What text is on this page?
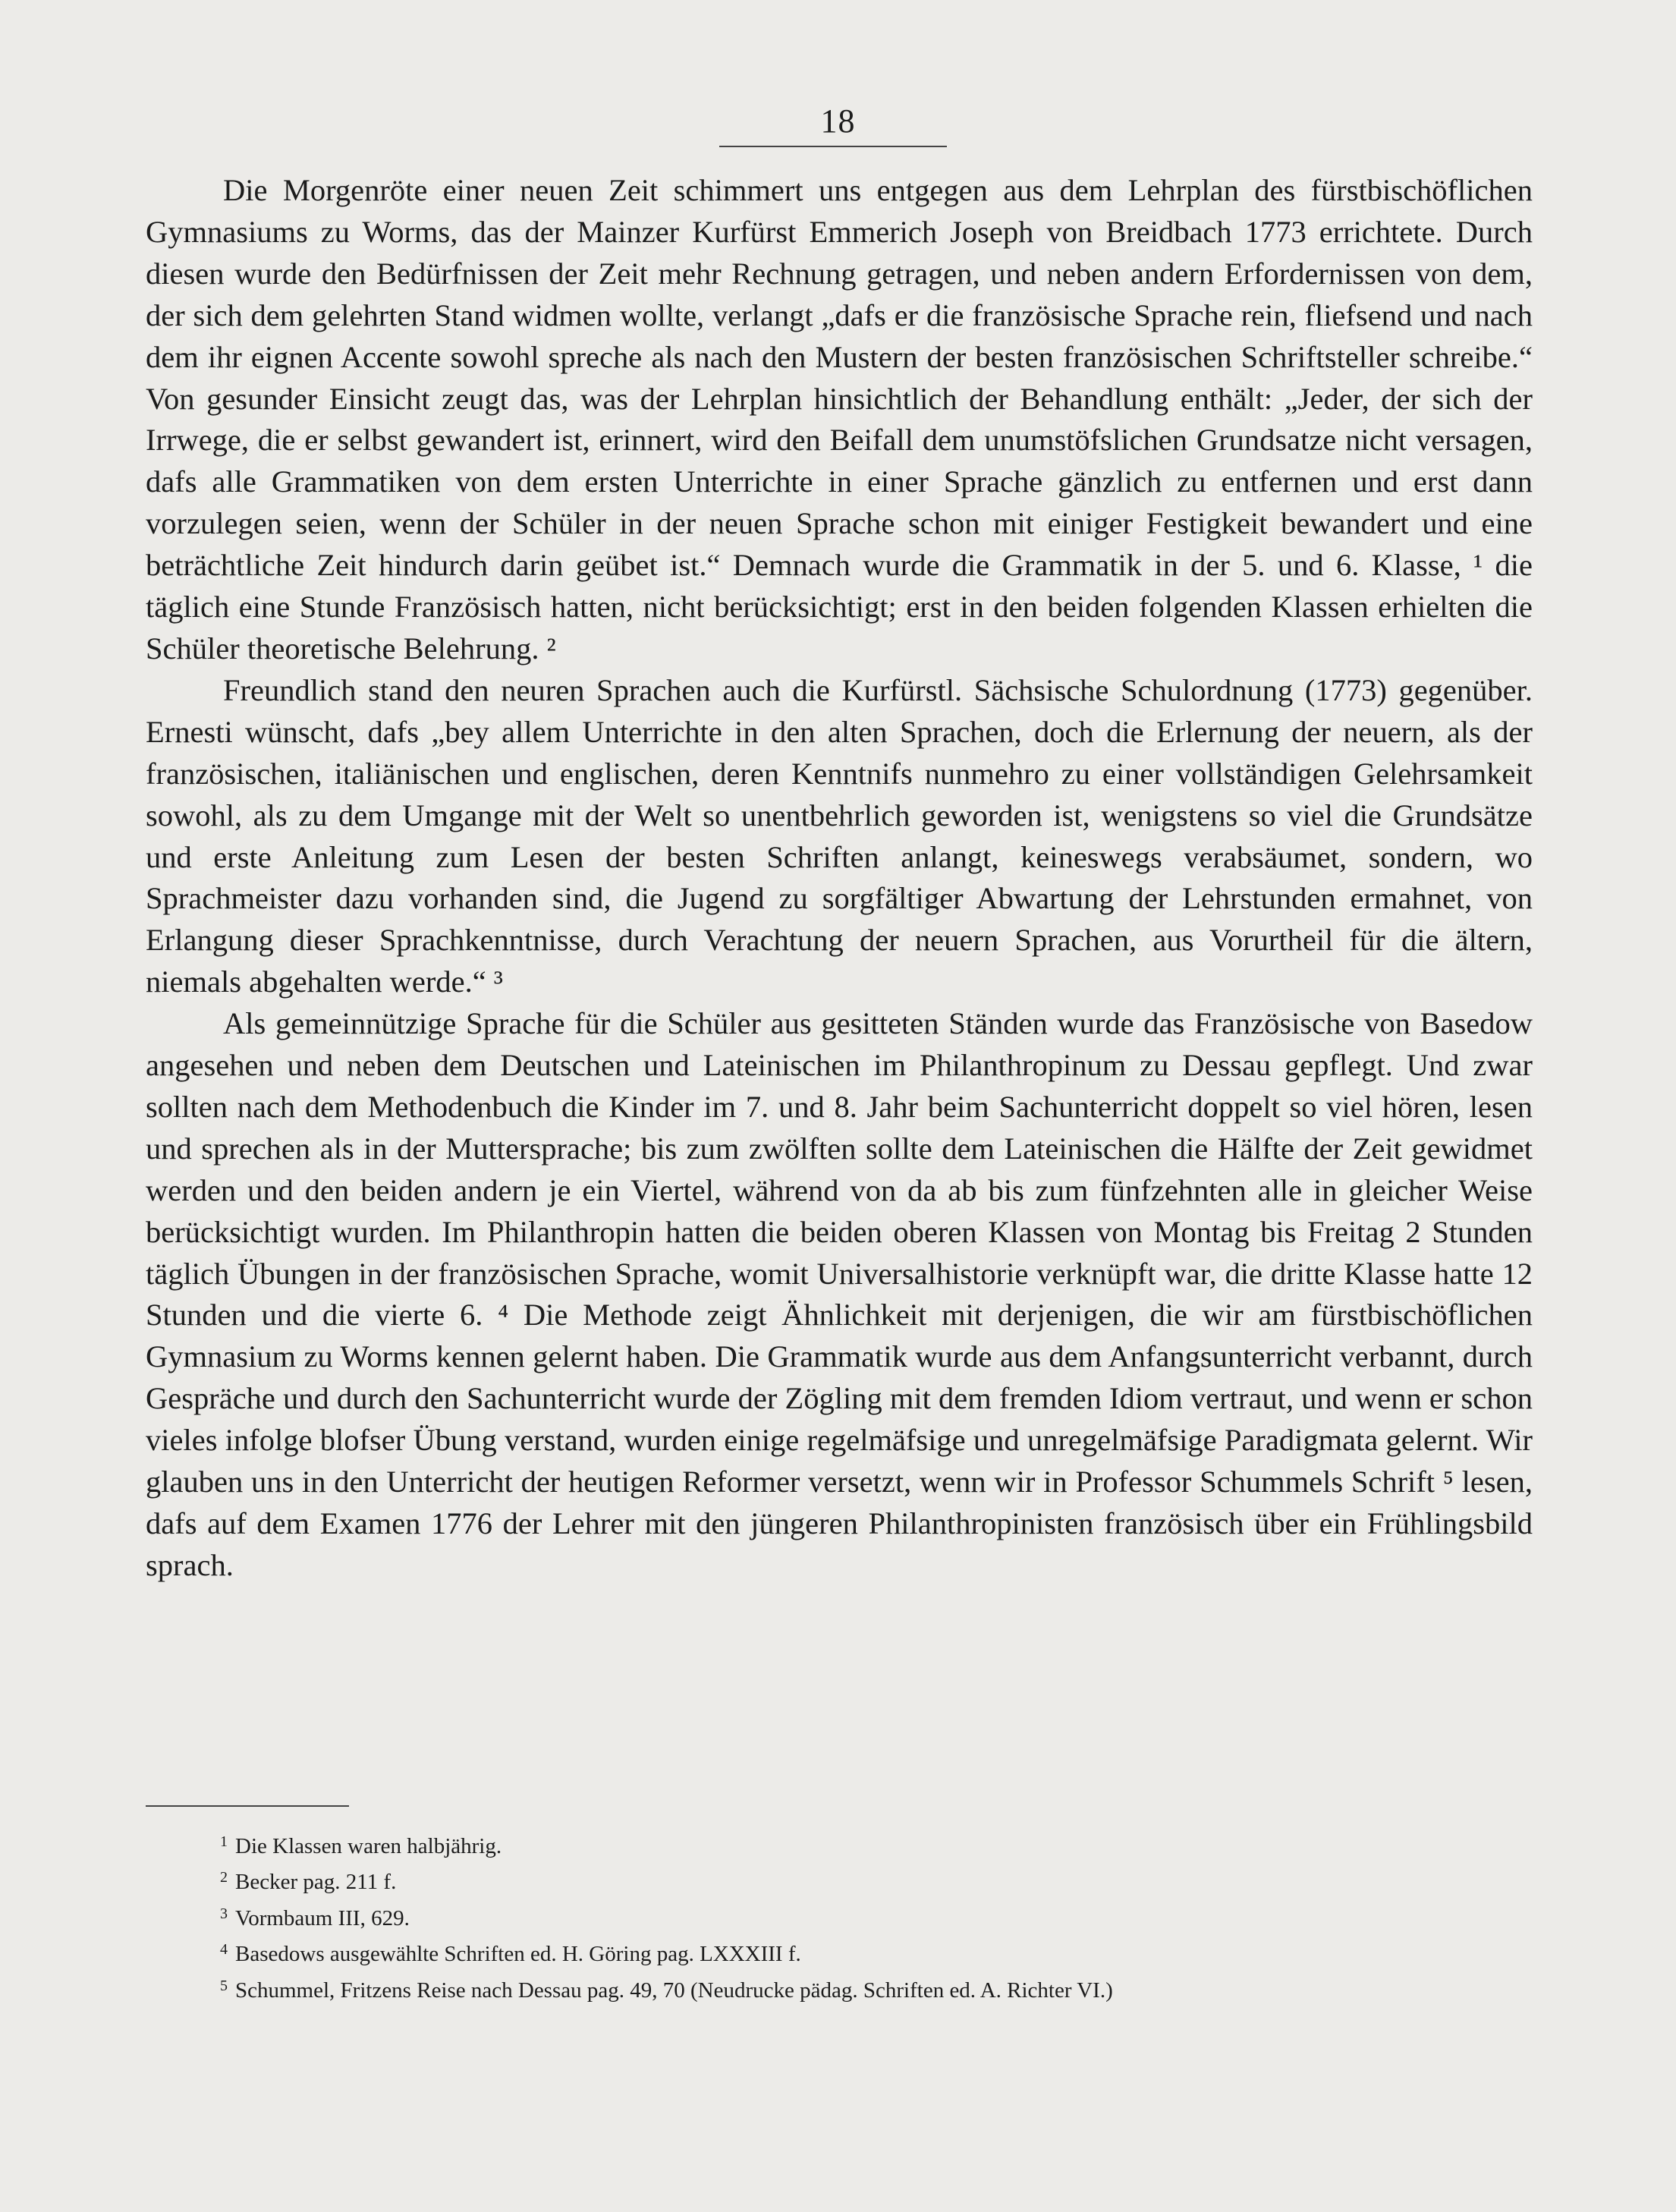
18

Die Morgenröte einer neuen Zeit schimmert uns entgegen aus dem Lehrplan des fürstbischöflichen Gymnasiums zu Worms, das der Mainzer Kurfürst Emmerich Joseph von Breidbach 1773 errichtete. Durch diesen wurde den Bedürfnissen der Zeit mehr Rechnung getragen, und neben andern Erfordernissen von dem, der sich dem gelehrten Stand widmen wollte, verlangt „dafs er die französische Sprache rein, fliefsend und nach dem ihr eignen Accente sowohl spreche als nach den Mustern der besten französischen Schriftsteller schreibe.“ Von gesunder Einsicht zeugt das, was der Lehrplan hinsichtlich der Behandlung enthält: „Jeder, der sich der Irrwege, die er selbst gewandert ist, erinnert, wird den Beifall dem unumstöfslichen Grundsatze nicht versagen, dafs alle Grammatiken von dem ersten Unterrichte in einer Sprache gänzlich zu entfernen und erst dann vorzulegen seien, wenn der Schüler in der neuen Sprache schon mit einiger Festigkeit bewandert und eine beträchtliche Zeit hindurch darin geübet ist.“ Demnach wurde die Grammatik in der 5. und 6. Klasse, ¹ die täglich eine Stunde Französisch hatten, nicht berücksichtigt; erst in den beiden folgenden Klassen erhielten die Schüler theoretische Belehrung. ²

Freundlich stand den neuren Sprachen auch die Kurfürstl. Sächsische Schulordnung (1773) gegenüber. Ernesti wünscht, dafs „bey allem Unterrichte in den alten Sprachen, doch die Erlernung der neuern, als der französischen, italiänischen und englischen, deren Kenntnifs nunmehro zu einer vollständigen Gelehrsamkeit sowohl, als zu dem Umgange mit der Welt so unentbehrlich geworden ist, wenigstens so viel die Grundsätze und erste Anleitung zum Lesen der besten Schriften anlangt, keineswegs verabsäumet, sondern, wo Sprachmeister dazu vorhanden sind, die Jugend zu sorgfältiger Abwartung der Lehrstunden ermahnet, von Erlangung dieser Sprachkenntnisse, durch Verachtung der neuern Sprachen, aus Vorurtheil für die ältern, niemals abgehalten werde.“ ³

Als gemeinnützige Sprache für die Schüler aus gesitteten Ständen wurde das Französische von Basedow angesehen und neben dem Deutschen und Lateinischen im Philanthropinum zu Dessau gepflegt. Und zwar sollten nach dem Methodenbuch die Kinder im 7. und 8. Jahr beim Sachunterricht doppelt so viel hören, lesen und sprechen als in der Muttersprache; bis zum zwölften sollte dem Lateinischen die Hälfte der Zeit gewidmet werden und den beiden andern je ein Viertel, während von da ab bis zum fünfzehnten alle in gleicher Weise berücksichtigt wurden. Im Philanthropin hatten die beiden oberen Klassen von Montag bis Freitag 2 Stunden täglich Übungen in der französischen Sprache, womit Universalhistorie verknüpft war, die dritte Klasse hatte 12 Stunden und die vierte 6. ⁴ Die Methode zeigt Ähnlichkeit mit derjenigen, die wir am fürstbischöflichen Gymnasium zu Worms kennen gelernt haben. Die Grammatik wurde aus dem Anfangsunterricht verbannt, durch Gespräche und durch den Sachunterricht wurde der Zögling mit dem fremden Idiom vertraut, und wenn er schon vieles infolge blofser Übung verstand, wurden einige regelmäfsige und unregelmäfsige Paradigmata gelernt. Wir glauben uns in den Unterricht der heutigen Reformer versetzt, wenn wir in Professor Schummels Schrift ⁵ lesen, dafs auf dem Examen 1776 der Lehrer mit den jüngeren Philanthropinisten französisch über ein Frühlingsbild sprach.

1 Die Klassen waren halbjährig.
2 Becker pag. 211 f.
3 Vormbaum III, 629.
4 Basedows ausgewählte Schriften ed. H. Göring pag. LXXXIII f.
5 Schummel, Fritzens Reise nach Dessau pag. 49, 70 (Neudrucke pädag. Schriften ed. A. Richter VI.)
